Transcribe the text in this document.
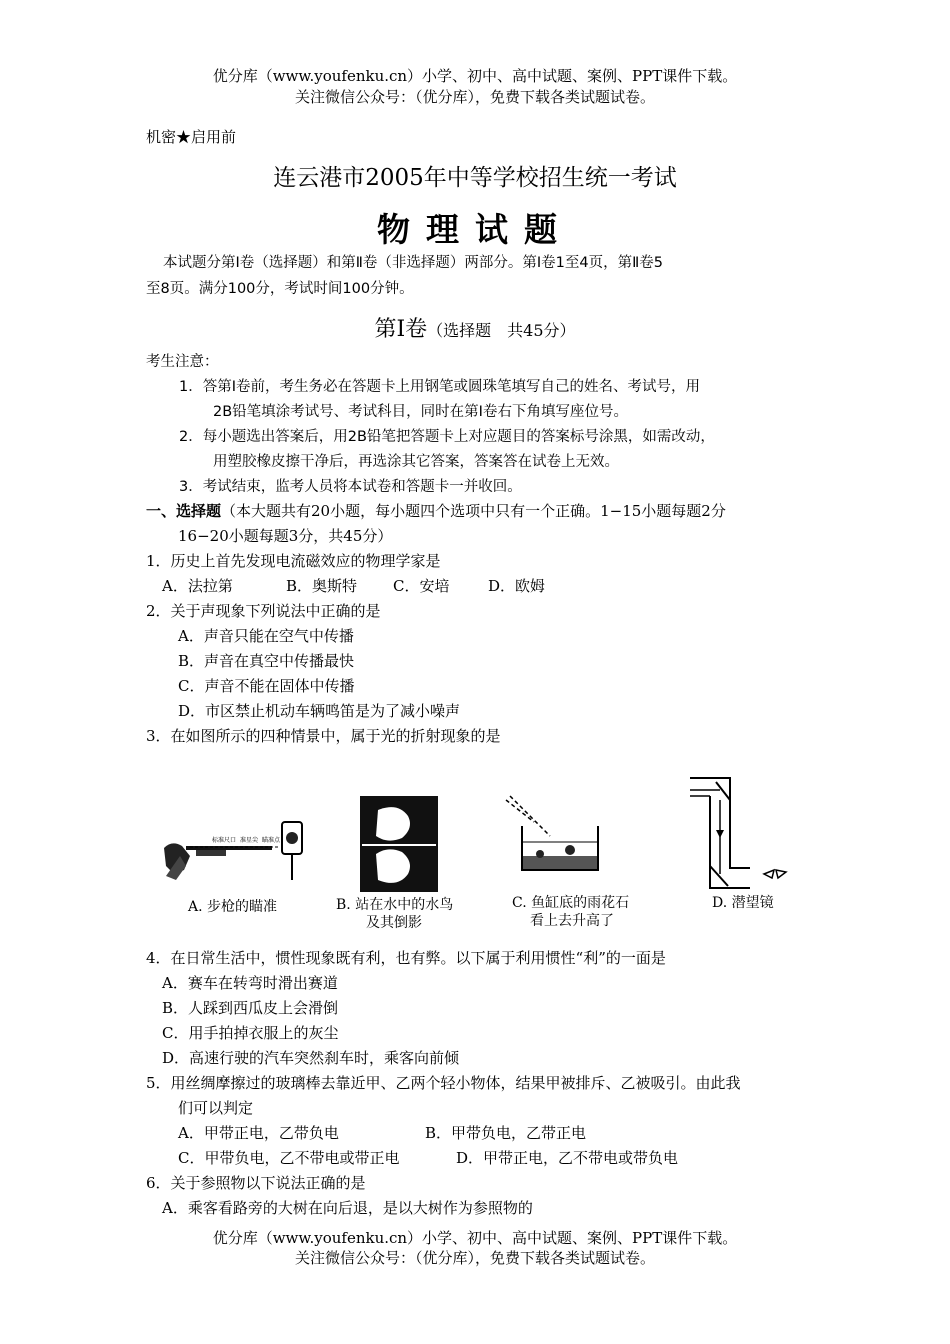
优分库（www.youfenku.cn）小学、初中、高中试题、案例、PPT课件下载。
关注微信公众号：（优分库），免费下载各类试题试卷。
机密★启用前
连云港市2005年中等学校招生统一考试
物理试题
本试题分第Ⅰ卷（选择题）和第Ⅱ卷（非选择题）两部分。第Ⅰ卷1至4页，第Ⅱ卷5
至8页。满分100分，考试时间100分钟。
第Ⅰ卷（选择题　共45分）
考生注意：
1．答第Ⅰ卷前，考生务必在答题卡上用钢笔或圆珠笔填写自己的姓名、考试号，用
2B铅笔填涂考试号、考试科目，同时在第Ⅰ卷右下角填写座位号。
2．每小题选出答案后，用2B铅笔把答题卡上对应题目的答案标号涂黑，如需改动，
用塑胶橡皮擦干净后，再选涂其它答案，答案答在试卷上无效。
3．考试结束，监考人员将本试卷和答题卡一并收回。
一、选择题（本大题共有20小题，每小题四个选项中只有一个正确。1−15小题每题2分
16−20小题每题3分，共45分）
1．历史上首先发现电流磁效应的物理学家是
A．法拉第	B．奥斯特 C．安培	D．欧姆
2．关于声现象下列说法中正确的是
A．声音只能在空气中传播
B．声音在真空中传播最快
C．声音不能在固体中传播
D．市区禁止机动车辆鸣笛是为了减小噪声
3．在如图所示的四种情景中，属于光的折射现象的是
标准尺口 准星尖 瞄准点
A. 步枪的瞄准	B. 站在水中的水鸟
及其倒影
C. 鱼缸底的雨花石
看上去升高了
D. 潜望镜
4．在日常生活中，惯性现象既有利，也有弊。以下属于利用惯性“利”的一面是
A．赛车在转弯时滑出赛道
B．人踩到西瓜皮上会滑倒
C．用手拍掉衣服上的灰尘
D．高速行驶的汽车突然刹车时，乘客向前倾
5．用丝绸摩擦过的玻璃棒去靠近甲、乙两个轻小物体，结果甲被排斥、乙被吸引。由此我
们可以判定
A．甲带正电，乙带负电	B．甲带负电，乙带正电
C．甲带负电，乙不带电或带正电	D．甲带正电，乙不带电或带负电
6．关于参照物以下说法正确的是
A．乘客看路旁的大树在向后退，是以大树作为参照物的
优分库（www.youfenku.cn）小学、初中、高中试题、案例、PPT课件下载。
关注微信公众号：（优分库），免费下载各类试题试卷。
